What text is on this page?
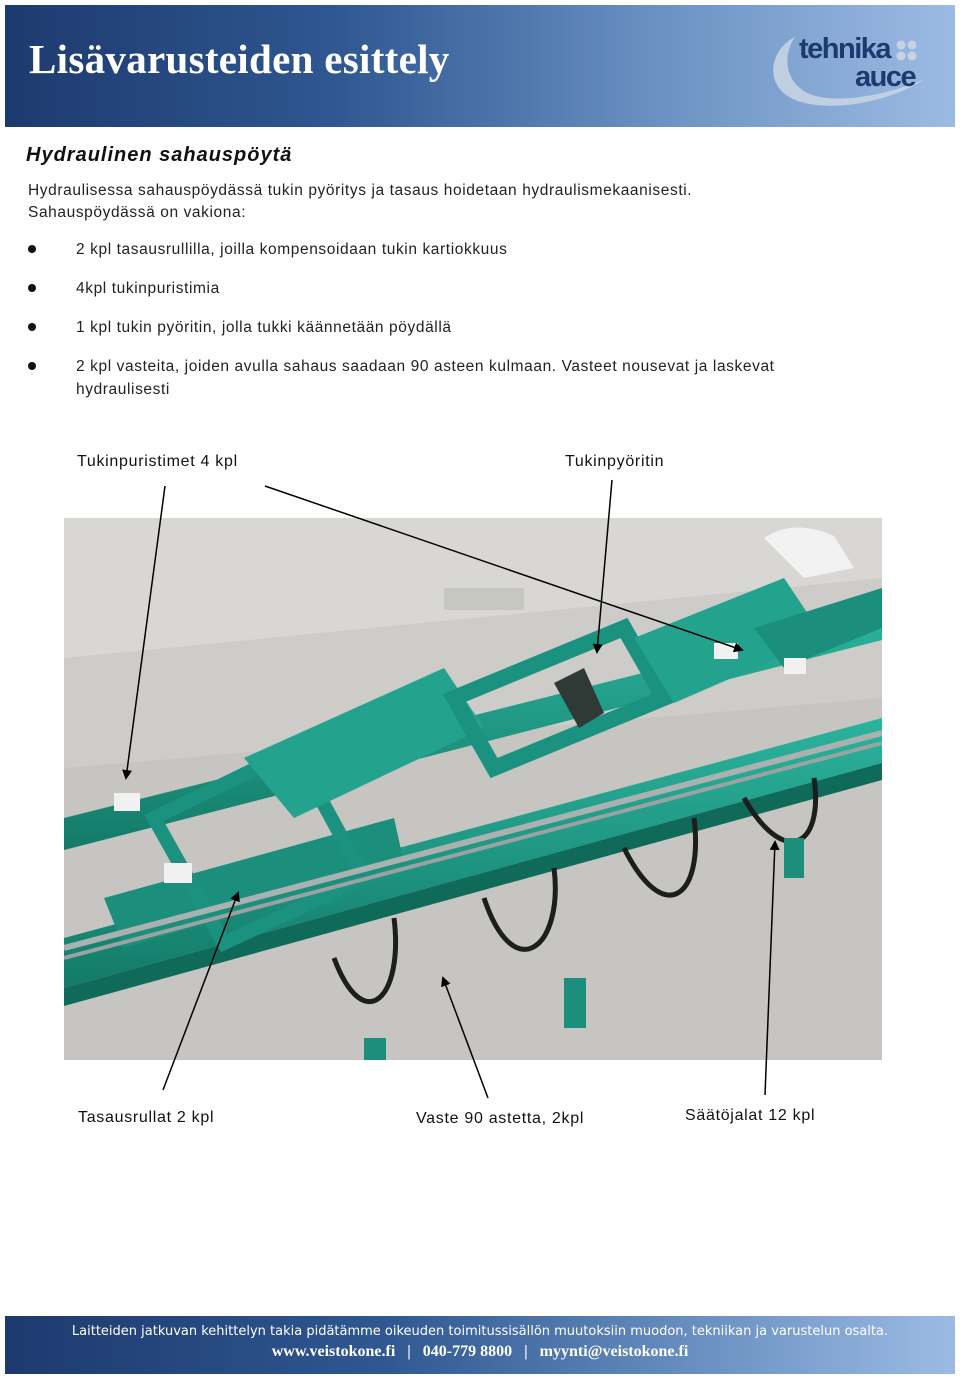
Lisävarusteiden esittely	tehnika
auce
Hydraulinen sahauspöytä
Hydraulisessa sahauspöydässä tukin pyöritys ja tasaus hoidetaan hydraulismekaanisesti.
Sahauspöydässä on vakiona:
2 kpl tasausrullilla, joilla kompensoidaan tukin kartiokkuus
4kpl tukinpuristimia
1 kpl tukin pyöritin, jolla tukki käännetään pöydällä
2 kpl vasteita, joiden avulla sahaus saadaan 90 asteen kulmaan. Vasteet nousevat ja laskevat hydraulisesti
Tukinpuristimet 4 kpl	Tukinpyöritin
Tasausrullat 2 kpl	Vaste 90 astetta, 2kpl	Säätöjalat 12 kpl
Laitteiden jatkuvan kehittelyn takia pidätämme oikeuden toimitussisällön muutoksiin muodon, tekniikan ja varustelun osalta.
www.veistokone.fi   |   040-779 8800   |   myynti@veistokone.fi
